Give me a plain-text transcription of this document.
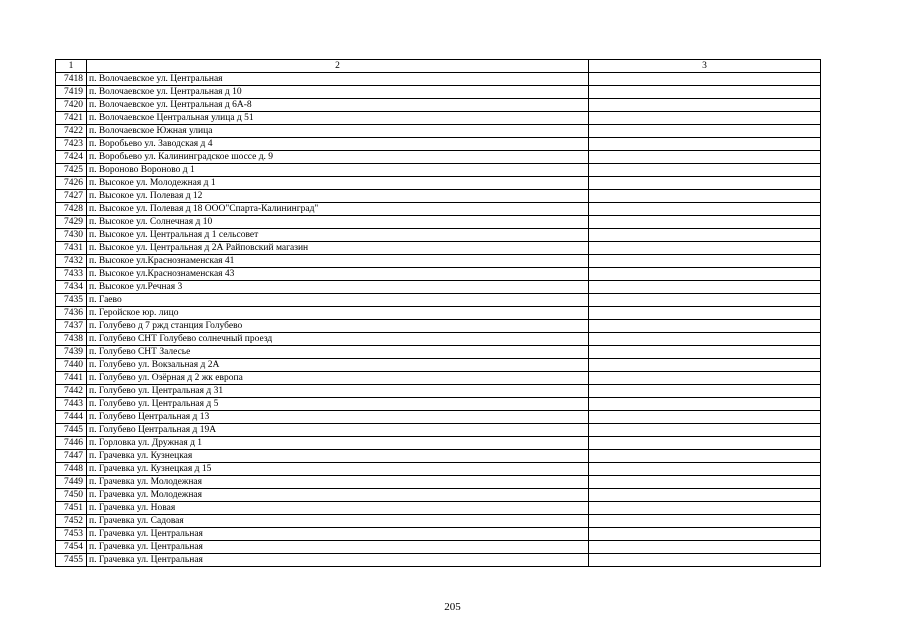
1	2	3
7418	п. Волочаевское ул. Центральная	
7419	п. Волочаевское ул. Центральная д 10	
7420	п. Волочаевское ул. Центральная д 6А-8	
7421	п. Волочаевское Центральная улица д 51	
7422	п. Волочаевское Южная улица	
7423	п. Воробьево ул. Заводская д 4	
7424	п. Воробьево ул. Калининградское шоссе д. 9	
7425	п. Вороново Вороново д 1	
7426	п. Высокое ул. Молодежная д 1	
7427	п. Высокое ул. Полевая д 12	
7428	п. Высокое ул. Полевая д 18 ООО"Спарта-Калининград"	
7429	п. Высокое ул. Солнечная д 10	
7430	п. Высокое ул. Центральная д 1 сельсовет	
7431	п. Высокое ул. Центральная д 2А Райповский магазин	
7432	п. Высокое ул.Краснознаменская 41	
7433	п. Высокое ул.Краснознаменская 43	
7434	п. Высокое ул.Речная 3	
7435	п. Гаево	
7436	п. Геройское юр. лицо	
7437	п. Голубево д 7 ржд станция Голубево	
7438	п. Голубево СНТ Голубево солнечный проезд	
7439	п. Голубево СНТ Залесье	
7440	п. Голубево ул. Вокзальная д 2А	
7441	п. Голубево ул. Озёрная д 2 жк европа	
7442	п. Голубево ул. Центральная д 31	
7443	п. Голубево ул. Центральная д 5	
7444	п. Голубево Центральная д 13	
7445	п. Голубево Центральная д 19А	
7446	п. Горловка ул. Дружная д 1	
7447	п. Грачевка ул. Кузнецкая	
7448	п. Грачевка ул. Кузнецкая д 15	
7449	п. Грачевка ул. Молодежная	
7450	п. Грачевка ул. Молодежная	
7451	п. Грачевка ул. Новая	
7452	п. Грачевка ул. Садовая	
7453	п. Грачевка ул. Центральная	
7454	п. Грачевка ул. Центральная	
7455	п. Грачевка ул. Центральная	
205
